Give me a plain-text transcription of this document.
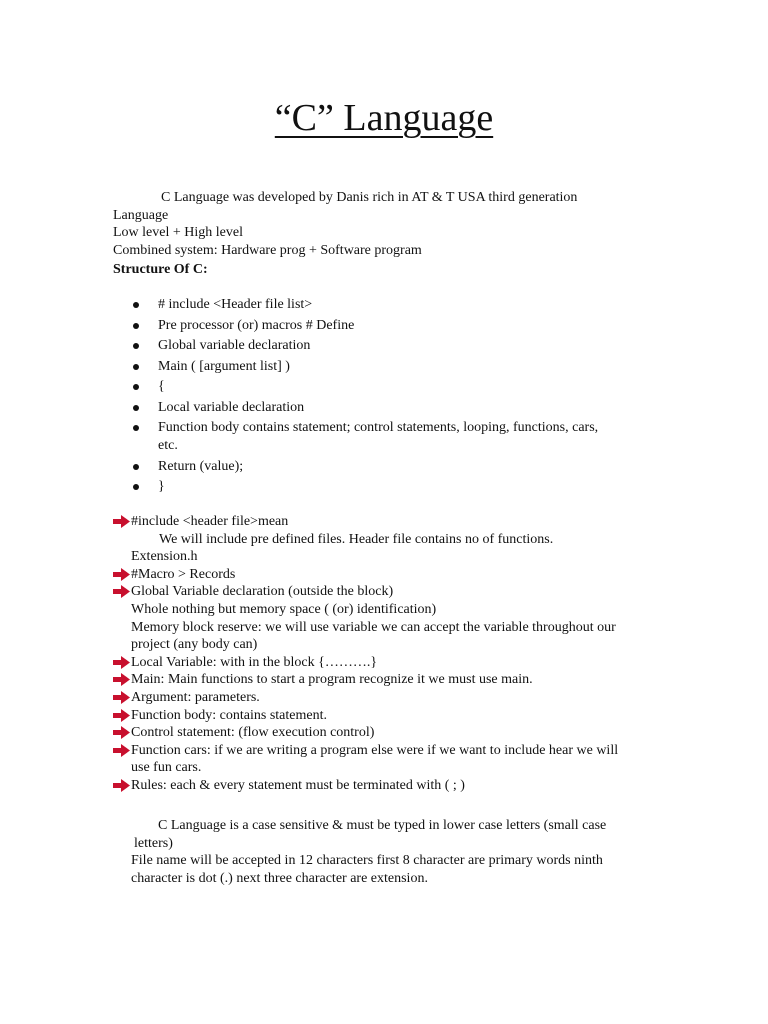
“C” Language
C Language was developed by Danis rich in AT & T USA third generation
Language
Low level + High level
Combined system: Hardware prog + Software program
Structure Of C:
# include <Header file list>
Pre processor (or) macros # Define
Global variable declaration
Main ( [argument list] )
{
Local variable declaration
Function body contains statement; control statements, looping, functions, cars,
etc.
Return (value);
}
#include <header file>mean
We will include pre defined files. Header file contains no of functions.
Extension.h
#Macro > Records
Global Variable declaration (outside the block)
Whole nothing but memory space ( (or) identification)
Memory block reserve: we will use variable we can accept the variable throughout our
project (any body can)
Local Variable: with in the block {……….}
Main: Main functions to start a program recognize it we must use main.
Argument: parameters.
Function body: contains statement.
Control statement: (flow execution control)
Function cars: if we are writing a program else were if we want to include hear we will
use fun cars.
Rules: each & every statement must be terminated with ( ; )
C Language is a case sensitive & must be typed in lower case letters (small case
letters)
File name will be accepted in 12 characters first 8 character are primary words ninth
character is dot (.) next three character are extension.
